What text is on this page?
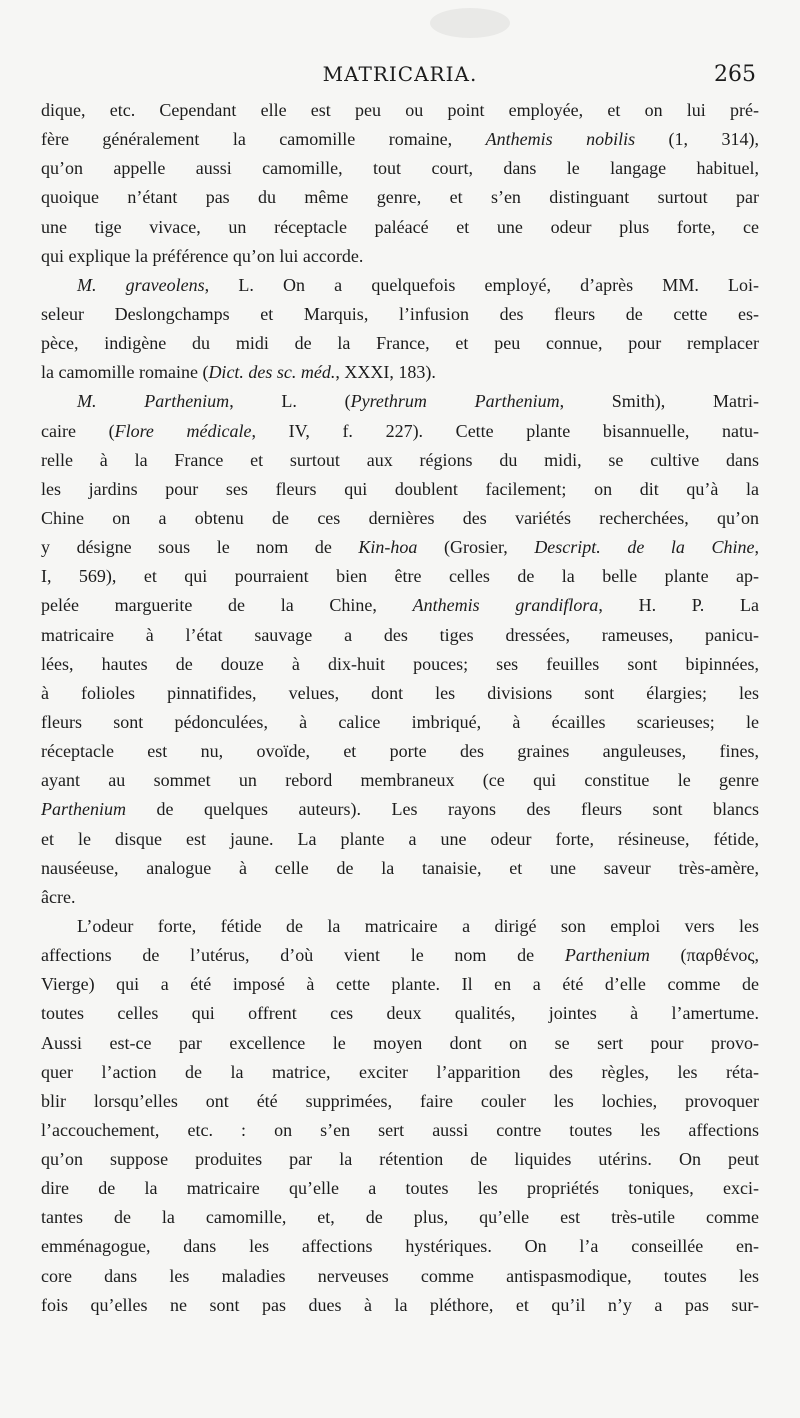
MATRICARIA.	265
dique, etc. Cependant elle est peu ou point employée, et on lui pré-
fère généralement la camomille romaine, Anthemis nobilis (1, 314),
qu’on appelle aussi camomille, tout court, dans le langage habituel,
quoique n’étant pas du même genre, et s’en distinguant surtout par
une tige vivace, un réceptacle paléacé et une odeur plus forte, ce
qui explique la préférence qu’on lui accorde.
M. graveolens, L. On a quelquefois employé, d’après MM. Loi-
seleur Deslongchamps et Marquis, l’infusion des fleurs de cette es-
pèce, indigène du midi de la France, et peu connue, pour remplacer
la camomille romaine (Dict. des sc. méd., XXXI, 183).
M. Parthenium, L. (Pyrethrum Parthenium, Smith), Matri-
caire (Flore médicale, IV, f. 227). Cette plante bisannuelle, natu-
relle à la France et surtout aux régions du midi, se cultive dans
les jardins pour ses fleurs qui doublent facilement; on dit qu’à la
Chine on a obtenu de ces dernières des variétés recherchées, qu’on
y désigne sous le nom de Kin-hoa (Grosier, Descript. de la Chine,
I, 569), et qui pourraient bien être celles de la belle plante ap-
pelée marguerite de la Chine, Anthemis grandiflora, H. P. La
matricaire à l’état sauvage a des tiges dressées, rameuses, panicu-
lées, hautes de douze à dix-huit pouces; ses feuilles sont bipinnées,
à folioles pinnatifides, velues, dont les divisions sont élargies; les
fleurs sont pédonculées, à calice imbriqué, à écailles scarieuses; le
réceptacle est nu, ovoïde, et porte des graines anguleuses, fines,
ayant au sommet un rebord membraneux (ce qui constitue le genre
Parthenium de quelques auteurs). Les rayons des fleurs sont blancs
et le disque est jaune. La plante a une odeur forte, résineuse, fétide,
nauséeuse, analogue à celle de la tanaisie, et une saveur très-amère,
âcre.
L’odeur forte, fétide de la matricaire a dirigé son emploi vers les
affections de l’utérus, d’où vient le nom de Parthenium (παρθένος,
Vierge) qui a été imposé à cette plante. Il en a été d’elle comme de
toutes celles qui offrent ces deux qualités, jointes à l’amertume.
Aussi est-ce par excellence le moyen dont on se sert pour provo-
quer l’action de la matrice, exciter l’apparition des règles, les réta-
blir lorsqu’elles ont été supprimées, faire couler les lochies, provoquer
l’accouchement, etc. : on s’en sert aussi contre toutes les affections
qu’on suppose produites par la rétention de liquides utérins. On peut
dire de la matricaire qu’elle a toutes les propriétés toniques, exci-
tantes de la camomille, et, de plus, qu’elle est très-utile comme
emménagogue, dans les affections hystériques. On l’a conseillée en-
core dans les maladies nerveuses comme antispasmodique, toutes les
fois qu’elles ne sont pas dues à la pléthore, et qu’il n’y a pas sur-
